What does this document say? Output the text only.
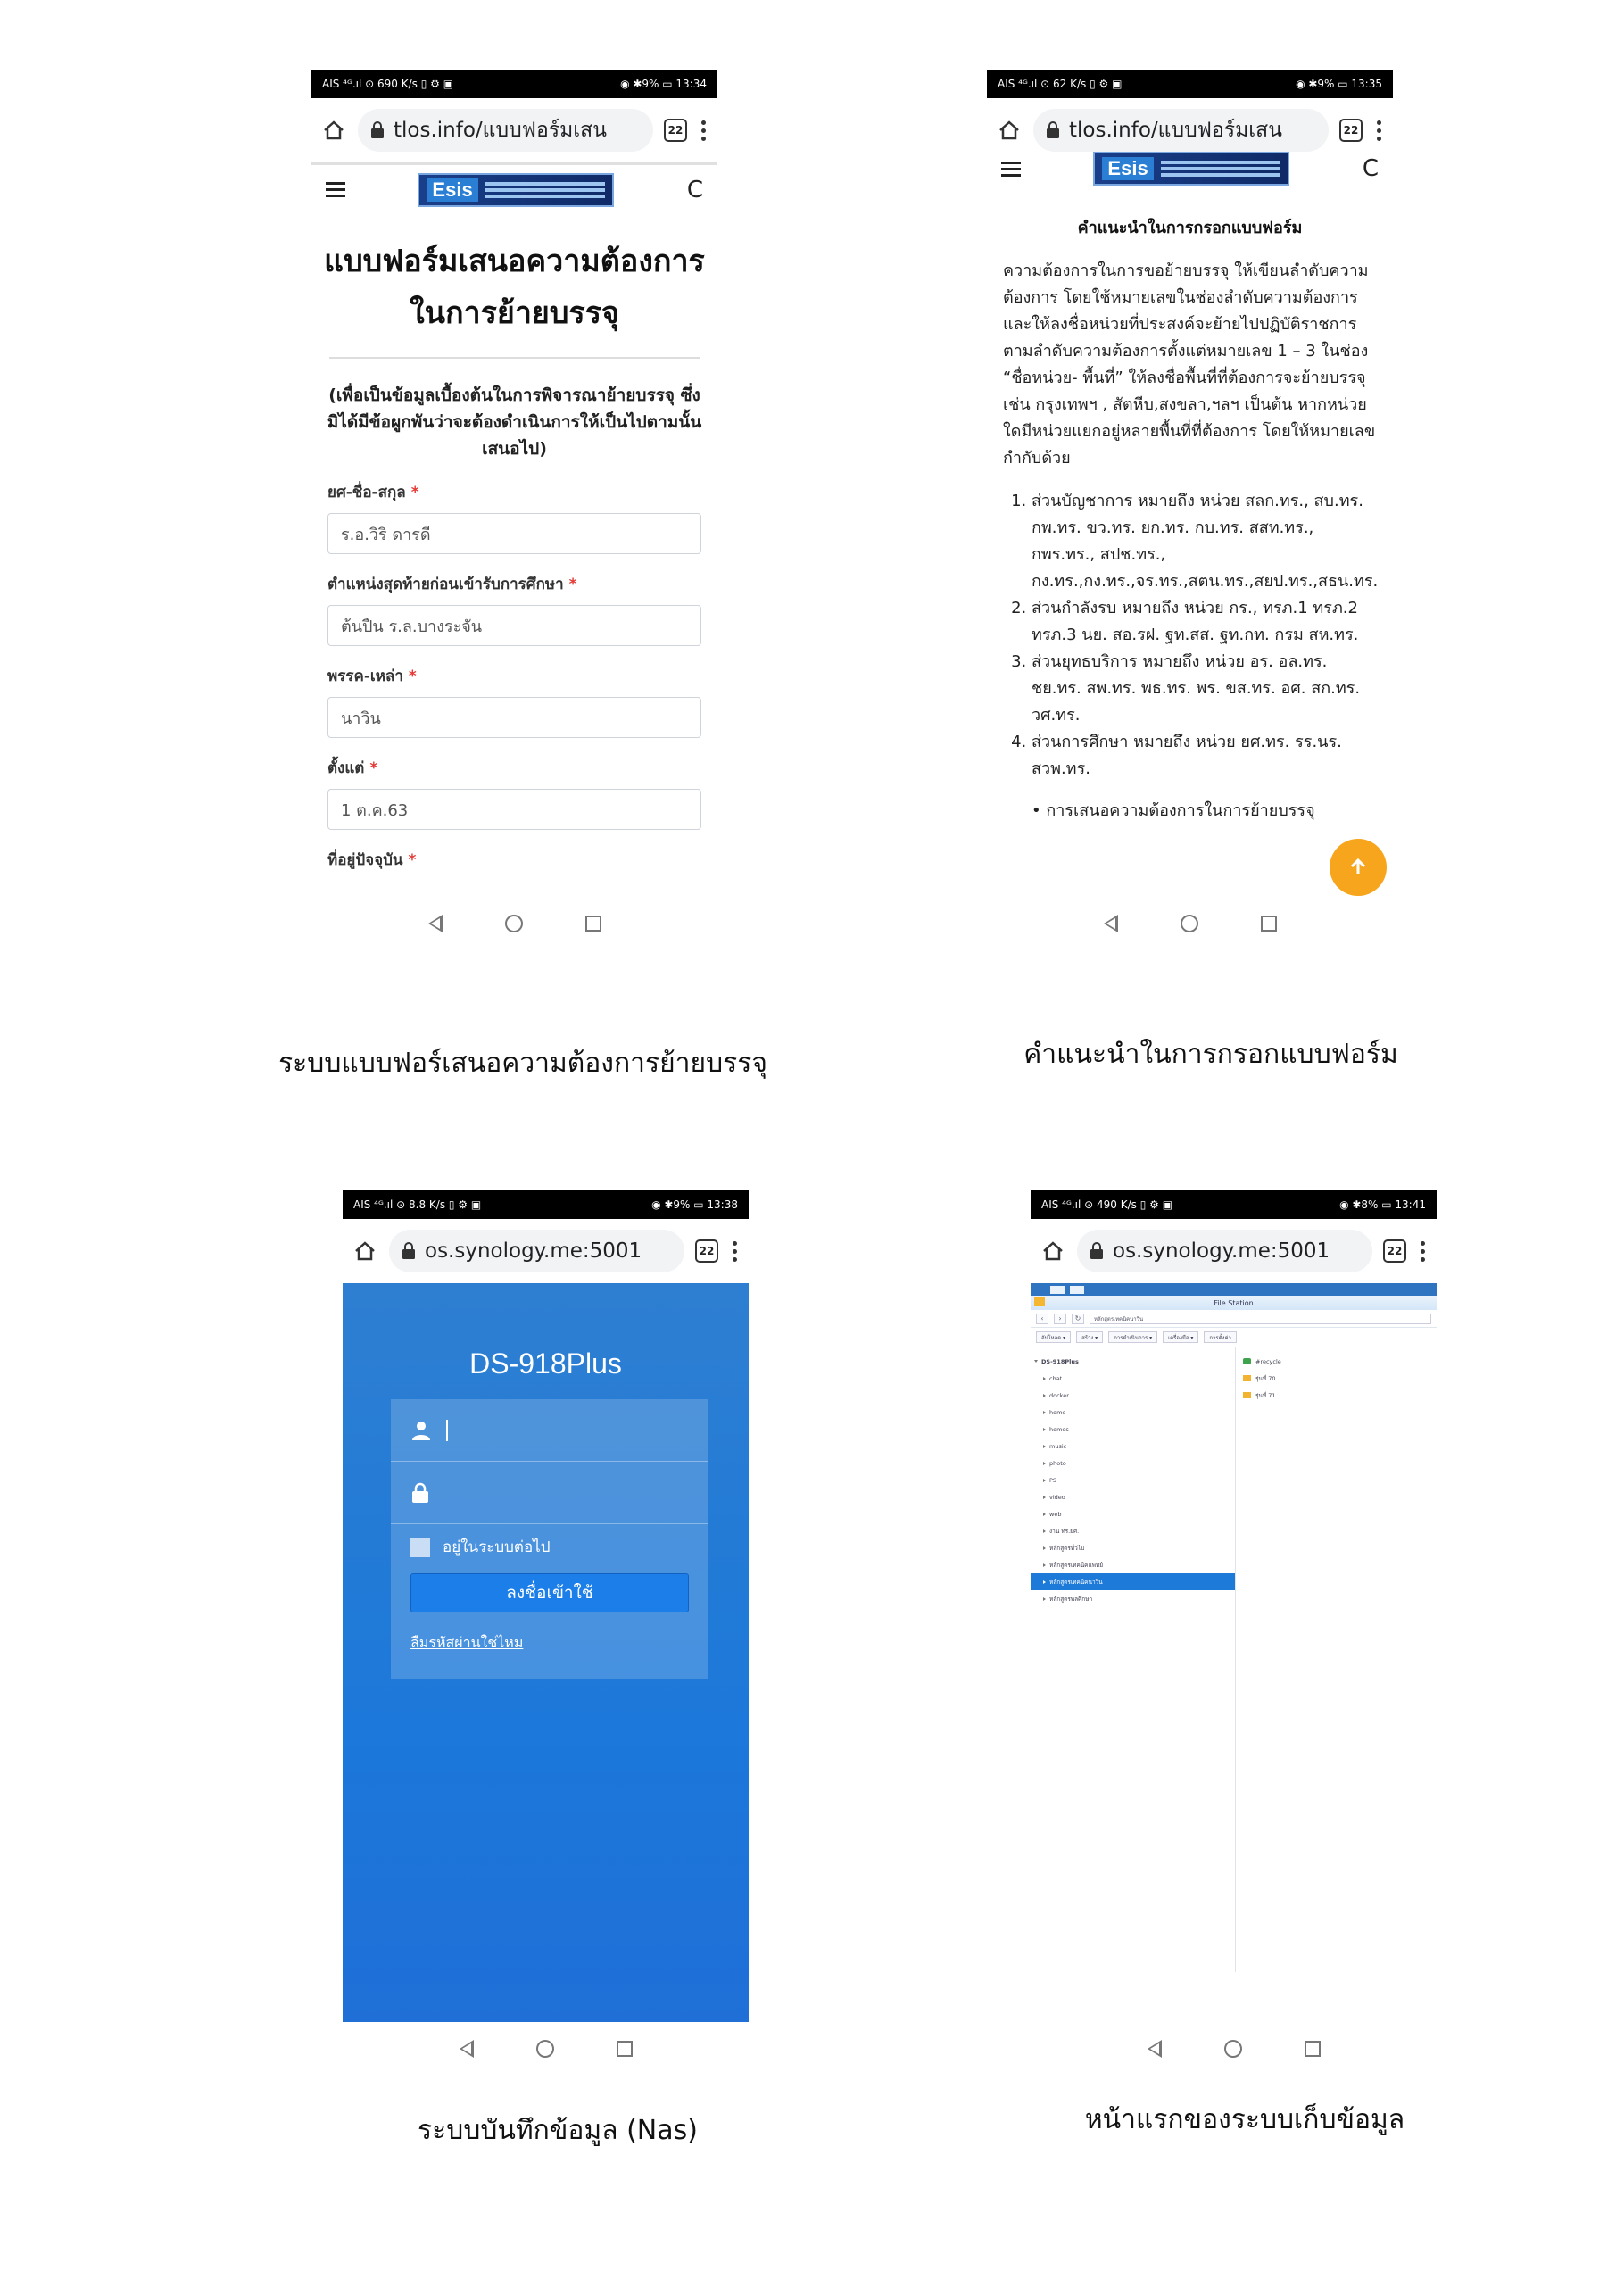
AIS ⁴ᴳ.ıl ⊙ 690 K/s ▯ ⚙ ▣	◉ ✱9% ▭ 13:34
tlos.info/แบบฟอร์มเสน	22
Esis	C
แบบฟอร์มเสนอความต้องการ
ในการย้ายบรรจุ
(เพื่อเป็นข้อมูลเบื้องต้นในการพิจารณาย้ายบรรจุ ซึ่งมิได้มีข้อผูกพันว่าจะต้องดำเนินการให้เป็นไปตามนั้นเสนอไป)
ยศ-ชื่อ-สกุล *
ร.อ.วิริ ดารดี
ตำแหน่งสุดท้ายก่อนเข้ารับการศึกษา *
ต้นปืน ร.ล.บางระจัน
พรรค-เหล่า *
นาวิน
ตั้งแต่ *
1 ต.ค.63
ที่อยู่ปัจจุบัน *
ระบบแบบฟอร์เสนอความต้องการย้ายบรรจุ
AIS ⁴ᴳ.ıl ⊙ 62 K/s ▯ ⚙ ▣	◉ ✱9% ▭ 13:35
tlos.info/แบบฟอร์มเสน	22
Esis	C
คำแนะนำในการกรอกแบบฟอร์ม
ความต้องการในการขอย้ายบรรจุ ให้เขียนลำดับความต้องการ โดยใช้หมายเลขในช่องลำดับความต้องการ และให้ลงชื่อหน่วยที่ประสงค์จะย้ายไปปฏิบัติราชการตามลำดับความต้องการตั้งแต่หมายเลข 1 – 3 ในช่อง “ชื่อหน่วย- พื้นที่” ให้ลงชื่อพื้นที่ที่ต้องการจะย้ายบรรจุ เช่น กรุงเทพฯ , สัตหีบ,สงขลา,ฯลฯ เป็นต้น หากหน่วยใดมีหน่วยแยกอยู่หลายพื้นที่ที่ต้องการ โดยให้หมายเลขกำกับด้วย
1. ส่วนบัญชาการ หมายถึง หน่วย สลก.ทร., สบ.ทร. กพ.ทร. ขว.ทร. ยก.ทร. กบ.ทร. สสท.ทร., กพร.ทร., สปช.ทร., กง.ทร.,กง.ทร.,จร.ทร.,สตน.ทร.,สยป.ทร.,สธน.ทร.
2. ส่วนกำลังรบ หมายถึง หน่วย กร., ทรภ.1 ทรภ.2 ทรภ.3 นย. สอ.รฝ. ฐท.สส. ฐท.กท. กรม สห.ทร.
3. ส่วนยุทธบริการ หมายถึง หน่วย อร. อล.ทร. ชย.ทร. สพ.ทร. พธ.ทร. พร. ขส.ทร. อศ. สก.ทร. วศ.ทร.
4. ส่วนการศึกษา หมายถึง หน่วย ยศ.ทร. รร.นร. สวพ.ทร.
• การเสนอความต้องการในการย้ายบรรจุ
คำแนะนำในการกรอกแบบฟอร์ม
AIS ⁴ᴳ.ıl ⊙ 8.8 K/s ▯ ⚙ ▣	◉ ✱9% ▭ 13:38
os.synology.me:5001	22
DS-918Plus
อยู่ในระบบต่อไป
ลงชื่อเข้าใช้
ลืมรหัสผ่านใช่ไหม
ระบบบันทึกข้อมูล (Nas)
AIS ⁴ᴳ.ıl ⊙ 490 K/s ▯ ⚙ ▣	◉ ✱8% ▭ 13:41
os.synology.me:5001	22
File Station
‹	›	↻	หลักสูตรเทคนิคนาวิน
อัปโหลด ▾	สร้าง ▾	การดำเนินการ ▾	เครื่องมือ ▾	การตั้งค่า
DS-918Plus
chat
docker
home
homes
music
photo
PS
video
web
งาน ทร.ยศ.
หลักสูตรทั่วไป
หลักสูตรเทคนิคแพทย์
หลักสูตรเทคนิคนาวิน
หลักสูตรพลศึกษา
#recycle
รุ่นที่ 70
รุ่นที่ 71
หน้าแรกของระบบเก็บข้อมูล
